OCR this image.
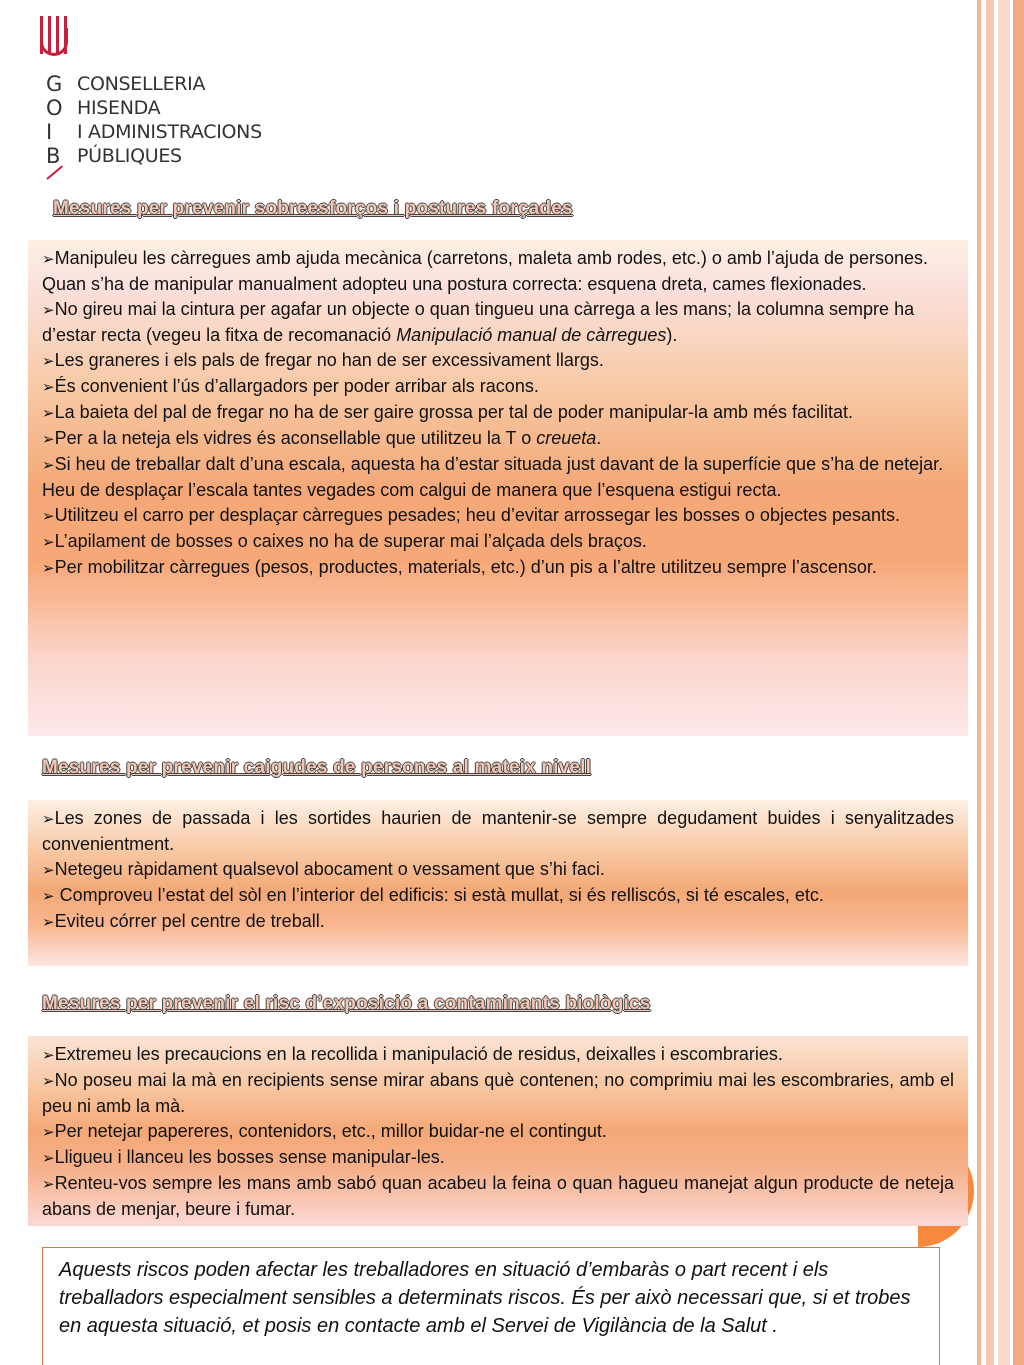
G
O
I
B
CONSELLERIA
HISENDA
I ADMINISTRACIONS
PÚBLIQUES
Mesures per prevenir sobreesforços i postures forçades

➢Manipuleu les càrregues amb ajuda mecànica (carretons, maleta amb rodes, etc.) o amb l’ajuda de persones. Quan s’ha de manipular manualment adopteu una postura correcta: esquena dreta, cames flexionades.

➢No gireu mai la cintura per agafar un objecte o quan tingueu una càrrega a les mans; la columna sempre ha d’estar recta (vegeu la fitxa de recomanació Manipulació manual de càrregues).

➢Les graneres i els pals de fregar no han de ser excessivament llargs.

➢És convenient l’ús d’allargadors per poder arribar als racons.

➢La baieta del pal de fregar no ha de ser gaire grossa per tal de poder manipular-la amb més facilitat.

➢Per a la neteja els vidres és aconsellable que utilitzeu la T o creueta.

➢Si heu de treballar dalt d’una escala, aquesta ha d’estar situada just davant de la superfície que s’ha de netejar. Heu de desplaçar l’escala tantes vegades com calgui de manera que l’esquena estigui recta.

➢Utilitzeu el carro per desplaçar càrregues pesades; heu d’evitar arrossegar les bosses o objectes pesants.

➢L’apilament de bosses o caixes no ha de superar mai l’alçada dels braços.

➢Per mobilitzar càrregues (pesos, productes, materials, etc.) d’un pis a l’altre utilitzeu sempre l’ascensor.

Mesures per prevenir caigudes de persones al mateix nivell

➢Les zones de passada i les sortides haurien de mantenir-se sempre degudament buides i senyalitzades convenientment.

➢Netegeu ràpidament qualsevol abocament o vessament que s’hi faci.

➢ Comproveu l’estat del sòl en l’interior del edificis: si està mullat, si és relliscós, si té escales, etc.

➢Eviteu córrer pel centre de treball.

Mesures per prevenir el risc d’exposició a contaminants biològics

➢Extremeu les precaucions en la recollida i manipulació de residus, deixalles i escombraries.

➢No poseu mai la mà en recipients sense mirar abans què contenen; no comprimiu mai les escombraries, amb el peu ni amb la mà.

➢Per netejar papereres, contenidors, etc., millor buidar-ne el contingut.

➢Lligueu i llanceu les bosses sense manipular-les.

➢Renteu-vos sempre les mans amb sabó quan acabeu la feina o quan hagueu manejat algun producte de neteja abans de menjar, beure i fumar.

Aquests riscos poden afectar les treballadores en situació d’embaràs o part recent i els treballadors especialment sensibles a determinats riscos. És per això necessari que, si et trobes en aquesta situació, et posis en contacte amb el Servei de Vigilància de la Salut .
